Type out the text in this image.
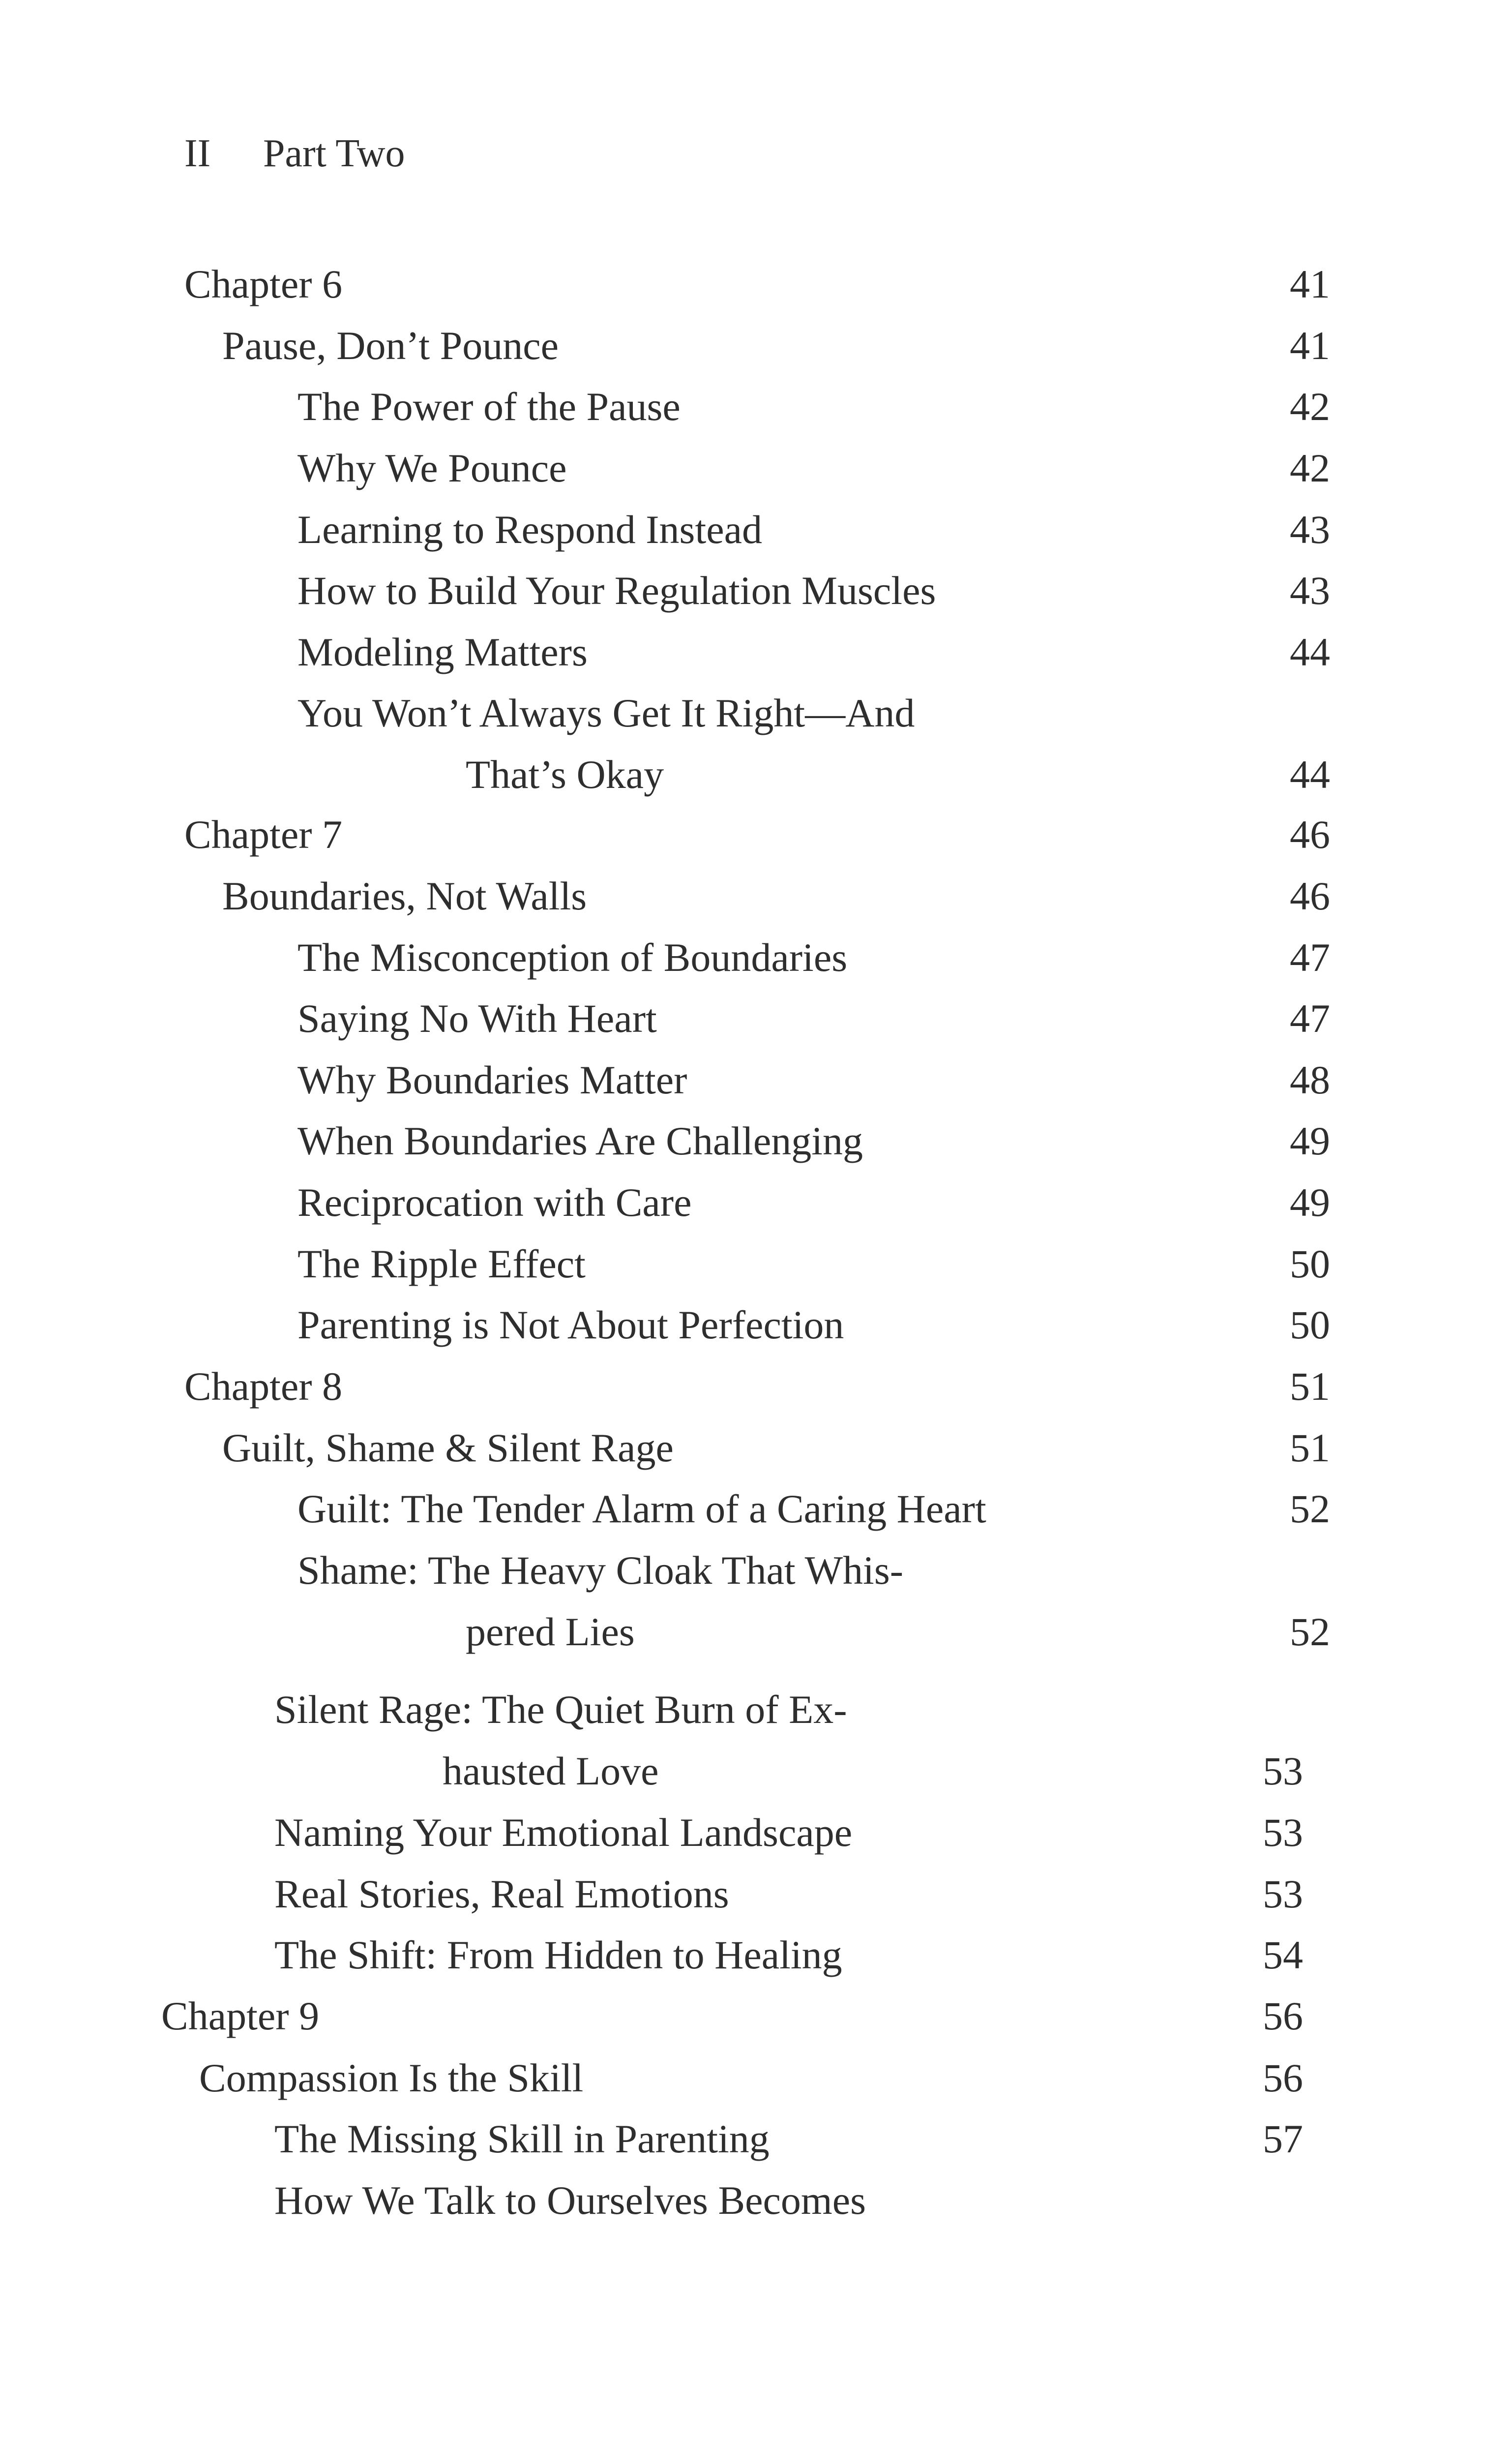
II Part Two
Chapter 6	41
Pause, Don’t Pounce	41
The Power of the Pause	42
Why We Pounce	42
Learning to Respond Instead	43
How to Build Your Regulation Muscles	43
Modeling Matters	44
You Won’t Always Get It Right—And
That’s Okay	44
Chapter 7	46
Boundaries, Not Walls	46
The Misconception of Boundaries	47
Saying No With Heart	47
Why Boundaries Matter	48
When Boundaries Are Challenging	49
Reciprocation with Care	49
The Ripple Effect	50
Parenting is Not About Perfection	50
Chapter 8	51
Guilt, Shame & Silent Rage	51
Guilt: The Tender Alarm of a Caring Heart	52
Shame: The Heavy Cloak That Whis-
pered Lies	52
Silent Rage: The Quiet Burn of Ex-
hausted Love	53
Naming Your Emotional Landscape	53
Real Stories, Real Emotions	53
The Shift: From Hidden to Healing	54
Chapter 9	56
Compassion Is the Skill	56
The Missing Skill in Parenting	57
How We Talk to Ourselves Becomes
